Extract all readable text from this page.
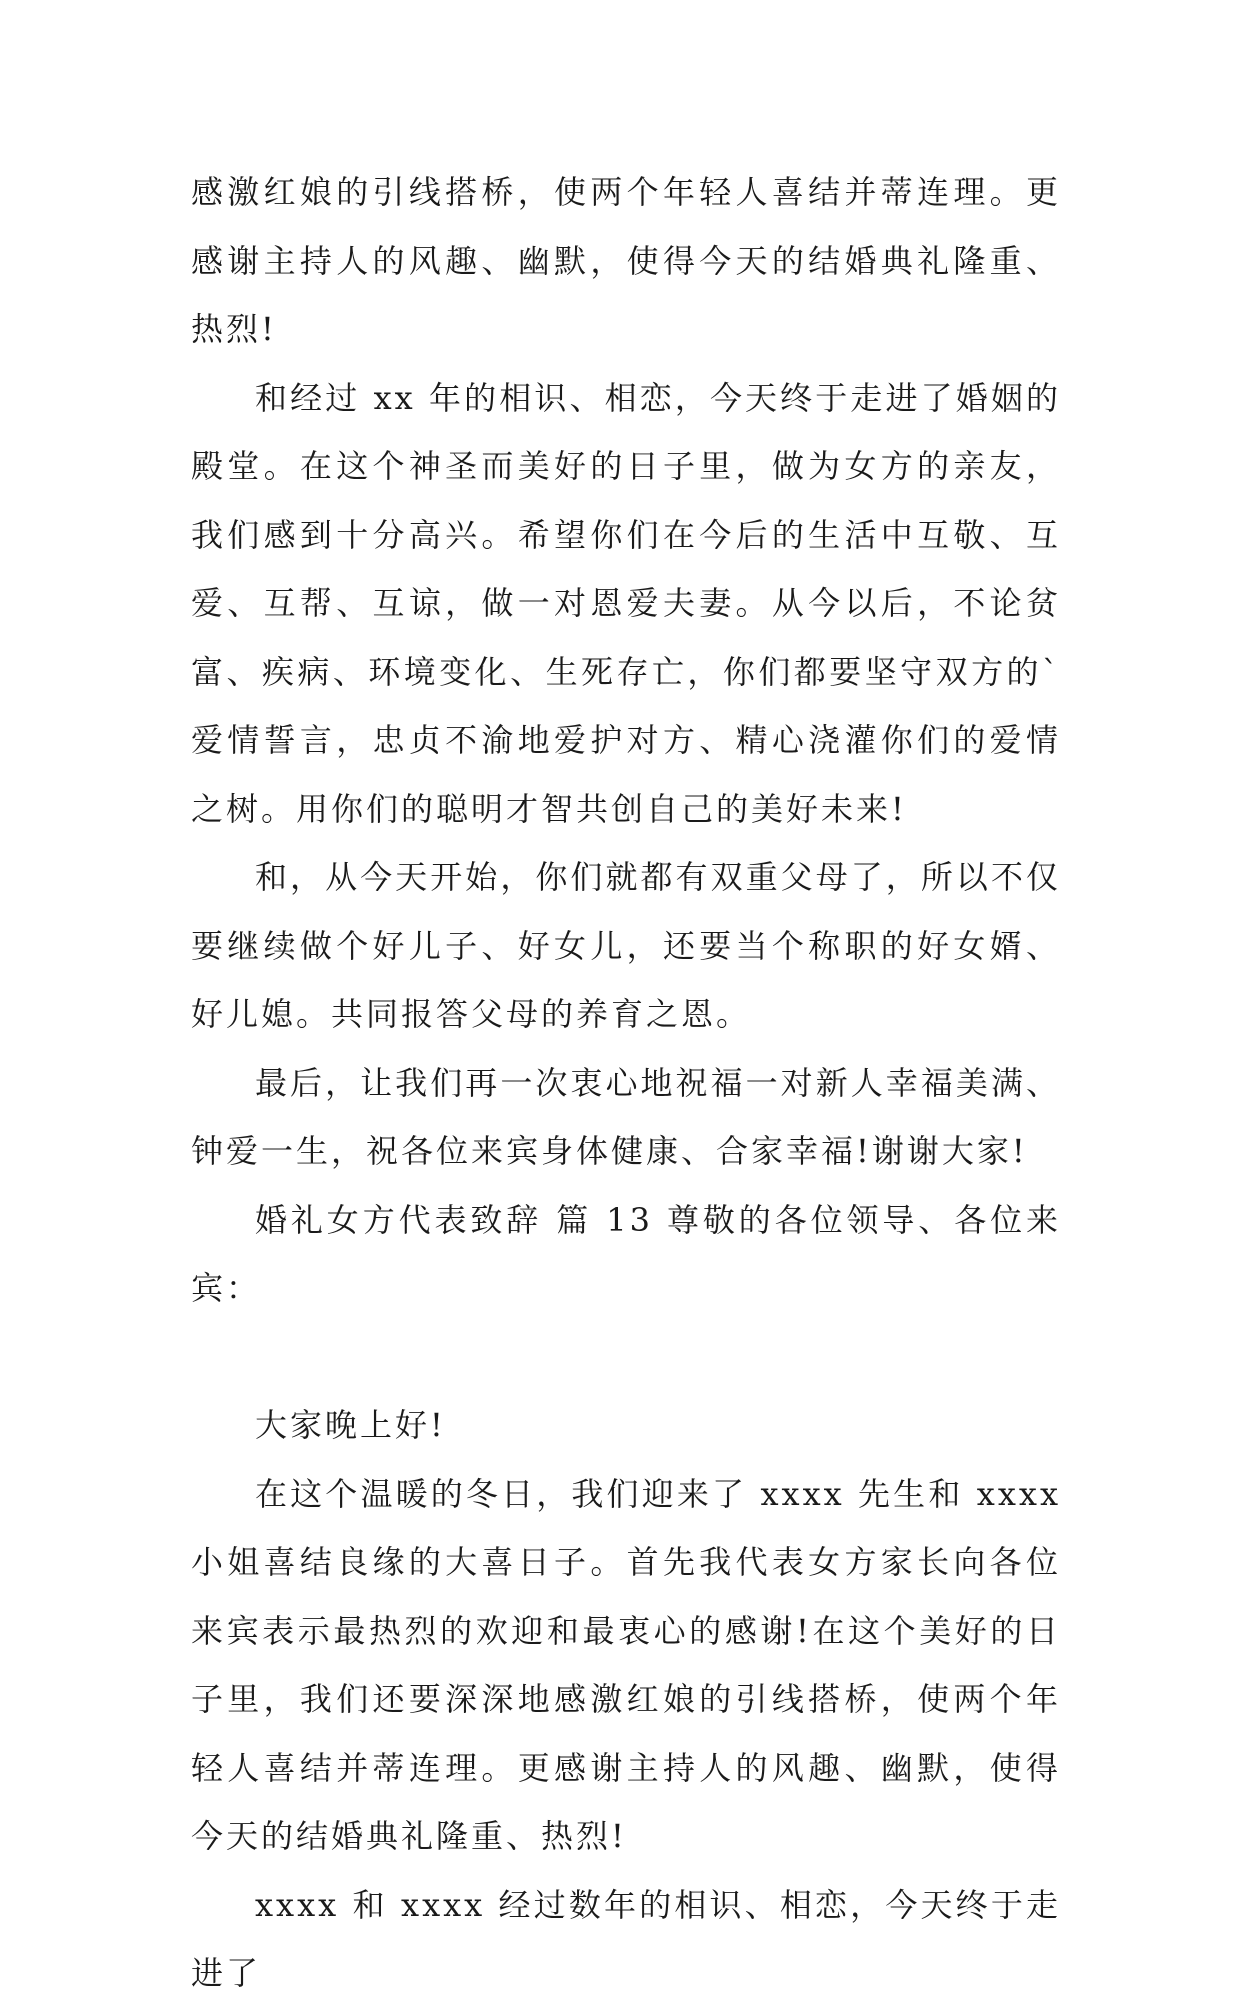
感激红娘的引线搭桥，使两个年轻人喜结并蒂连理。更感谢主持人的风趣、幽默，使得今天的结婚典礼隆重、热烈!

和经过 xx 年的相识、相恋，今天终于走进了婚姻的殿堂。在这个神圣而美好的日子里，做为女方的亲友，我们感到十分高兴。希望你们在今后的生活中互敬、互爱、互帮、互谅，做一对恩爱夫妻。从今以后，不论贫富、疾病、环境变化、生死存亡，你们都要坚守双方的`爱情誓言，忠贞不渝地爱护对方、精心浇灌你们的爱情之树。用你们的聪明才智共创自己的美好未来!

和，从今天开始，你们就都有双重父母了，所以不仅要继续做个好儿子、好女儿，还要当个称职的好女婿、好儿媳。共同报答父母的养育之恩。

最后，让我们再一次衷心地祝福一对新人幸福美满、钟爱一生，祝各位来宾身体健康、合家幸福!谢谢大家!

婚礼女方代表致辞 篇 13 尊敬的各位领导、各位来宾：

大家晚上好!

在这个温暖的冬日，我们迎来了 xxxx 先生和 xxxx 小姐喜结良缘的大喜日子。首先我代表女方家长向各位来宾表示最热烈的欢迎和最衷心的感谢!在这个美好的日子里，我们还要深深地感激红娘的引线搭桥，使两个年轻人喜结并蒂连理。更感谢主持人的风趣、幽默，使得今天的结婚典礼隆重、热烈!

xxxx 和 xxxx 经过数年的相识、相恋，今天终于走进了
